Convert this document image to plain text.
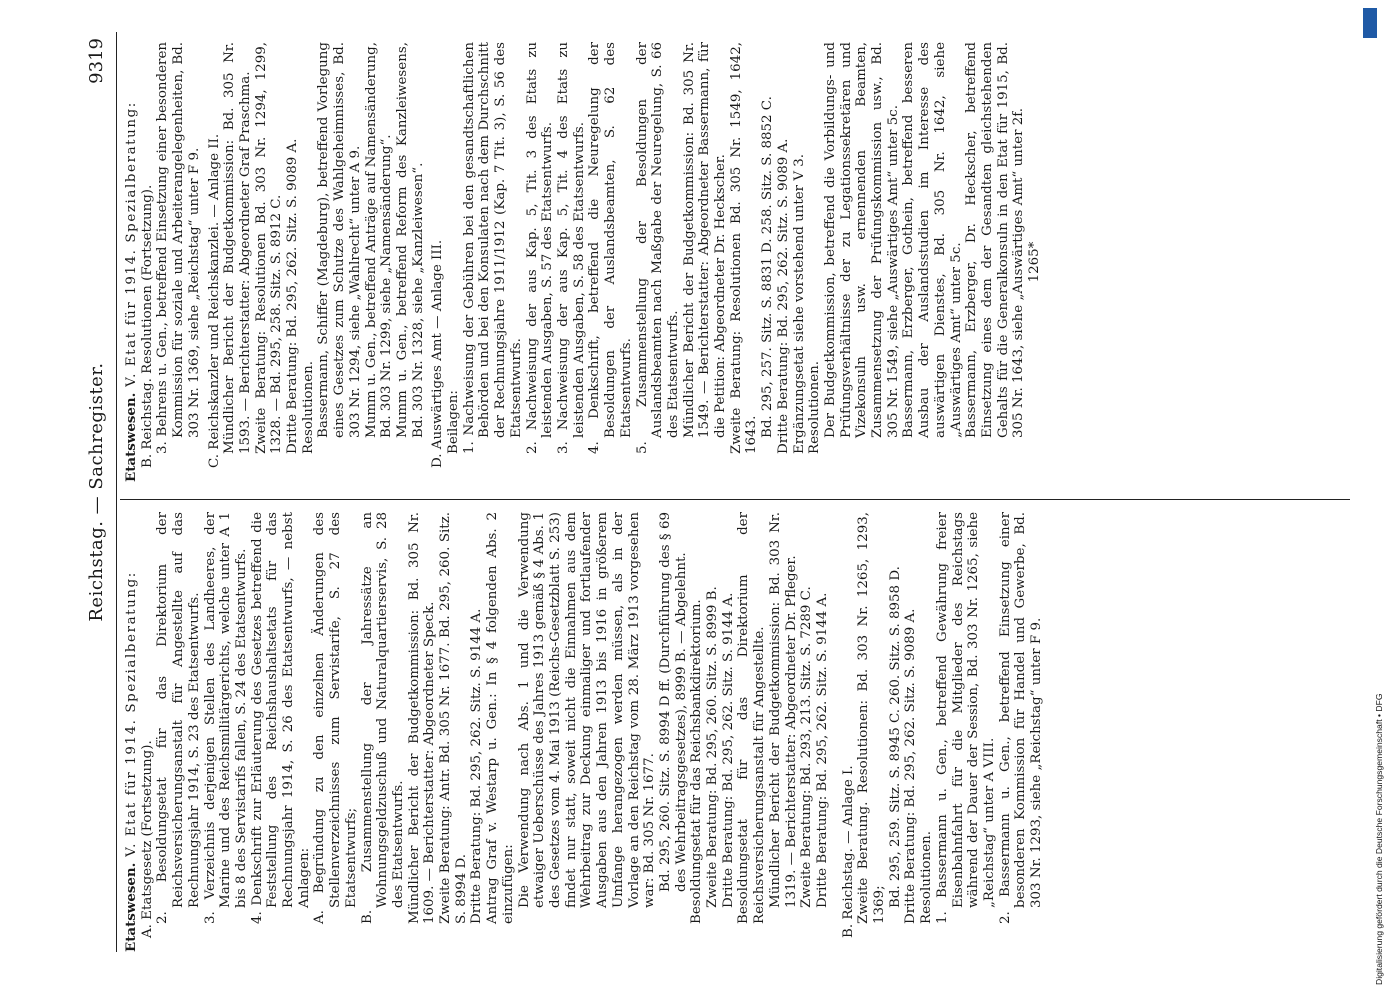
Reichstag. — Sachregister.
9319
Etatswesen. V. Etat für 1914. Spezialberatung: A. Etatsgesetz (Fortsetzung). 2. Besoldungsetat für das Direktorium der Reichsversicherungsanstalt für Angestellte auf das Rechnungsjahr 1914, S. 23 des Etatsentwurfs. 3. Verzeichnis derjenigen Stellen des Landheeres, der Marine und des Reichsmilitärgerichts, welche unter A 1 bis 8 des Servistarifs fallen, S. 24 des Etatsentwurfs. 4. Denkschrift zur Erläuterung des Gesetzes betreffend die Feststellung des Reichshaushaltsetats für das Rechnungsjahr 1914, S. 26 des Etatsentwurfs, — nebst Anlagen: A. Begründung zu den einzelnen Änderungen des Stellenverzeichnisses zum Servistarife, S. 27 des Etatsentwurfs; B. Zusammenstellung der Jahressätze an Wohnungsgeldzuschuß und Naturalquartierservis, S. 28 des Etatsentwurfs. Mündlicher Bericht der Budgetkommission: Bd. 305 Nr. 1609. — Berichterstatter: Abgeordneter Speck. Zweite Beratung: Antr. Bd. 305 Nr. 1677. Bd. 295, 260. Sitz. S. 8994 D. Dritte Beratung: Bd. 295, 262. Sitz. S. 9144 A. Antrag Graf v. Westarp u. Gen.: In § 4 folgenden Abs. 2 einzufügen: Die Verwendung nach Abs. 1 und die Verwendung etwaiger Ueberschüsse des Jahres 1913 gemäß § 4 Abs. 1 des Gesetzes vom 4. Mai 1913 (Reichs-Gesetzblatt S. 253) findet nur statt, soweit nicht die Einnahmen aus dem Wehrbeitrag zur Deckung einmaliger und fortlaufender Ausgaben aus den Jahren 1913 bis 1916 in größerem Umfange herangezogen werden müssen, als in der Vorlage an den Reichstag vom 28. März 1913 vorgesehen war: Bd. 305 Nr. 1677. Bd. 295, 260. Sitz. S. 8994 D ff. (Durchführung des § 69 des Wehrbeitragsgesetzes), 8999 B. — Abgelehnt. Besoldungsetat für das Reichsbankdirektorium. Zweite Beratung: Bd. 295, 260. Sitz. S. 8999 B. Dritte Beratung: Bd. 295, 262. Sitz. S. 9144 A. Besoldungsetat für das Direktorium der Reichsversicherungsanstalt für Angestellte. Mündlicher Bericht der Budgetkommission: Bd. 303 Nr. 1319. — Berichterstatter: Abgeordneter Dr. Pfleger. Zweite Beratung: Bd. 293, 213. Sitz. S. 7289 C. Dritte Beratung: Bd. 295, 262. Sitz. S. 9144 A. B. Reichstag. — Anlage I. Zweite Beratung. Resolutionen: Bd. 303 Nr. 1265, 1293, 1369; Bd. 295, 259. Sitz. S. 8945 C. 260. Sitz. S. 8958 D. Dritte Beratung: Bd. 295, 262. Sitz. S. 9089 A. Resolutionen. 1. Bassermann u. Gen., betreffend Gewährung freier Eisenbahnfahrt für die Mitglieder des Reichstags während der Dauer der Session, Bd. 303 Nr. 1265, siehe „Reichstag“ unter A VIII. 2. Bassermann u. Gen., betreffend Einsetzung einer besonderen Kommission für Handel und Gewerbe, Bd. 303 Nr. 1293, siehe „Reichstag“ unter F 9.
Etatswesen. V. Etat für 1914. Spezialberatung: B. Reichstag. Resolutionen (Fortsetzung). 3. Behrens u. Gen., betreffend Einsetzung einer besonderen Kommission für soziale und Arbeiterangelegenheiten, Bd. 303 Nr. 1369, siehe „Reichstag“ unter F 9. C. Reichskanzler und Reichskanzlei. — Anlage II. Mündlicher Bericht der Budgetkommission: Bd. 305 Nr. 1593. — Berichterstatter: Abgeordneter Graf Praschma. Zweite Beratung: Resolutionen Bd. 303 Nr. 1294, 1299, 1328. — Bd. 295, 258. Sitz. S. 8912 C. Dritte Beratung: Bd. 295, 262. Sitz. S. 9089 A. Resolutionen. Bassermann, Schiffer (Magdeburg), betreffend Vorlegung eines Gesetzes zum Schutze des Wahlgeheimnisses, Bd. 303 Nr. 1294, siehe „Wahlrecht“ unter A 9. Mumm u. Gen., betreffend Anträge auf Namensänderung, Bd. 303 Nr. 1299, siehe „Namensänderung“. Mumm u. Gen., betreffend Reform des Kanzleiwesens, Bd. 303 Nr. 1328, siehe „Kanzleiwesen“. D. Auswärtiges Amt — Anlage III. Beilagen: 1. Nachweisung der Gebühren bei den gesandtschaftlichen Behörden und bei den Konsulaten nach dem Durchschnitt der Rechnungsjahre 1911/1912 (Kap. 7 Tit. 3), S. 56 des Etatsentwurfs. 2. Nachweisung der aus Kap. 5, Tit. 3 des Etats zu leistenden Ausgaben, S. 57 des Etatsentwurfs. 3. Nachweisung der aus Kap. 5, Tit. 4 des Etats zu leistenden Ausgaben, S. 58 des Etatsentwurfs. 4. Denkschrift, betreffend die Neuregelung der Besoldungen der Auslandsbeamten, S. 62 des Etatsentwurfs. 5. Zusammenstellung der Besoldungen der Auslandsbeamten nach Maßgabe der Neuregelung, S. 66 des Etatsentwurfs. Mündlicher Bericht der Budgetkommission: Bd. 305 Nr. 1549. — Berichterstatter: Abgeordneter Bassermann, für die Petition: Abgeordneter Dr. Heckscher. Zweite Beratung: Resolutionen Bd. 305 Nr. 1549, 1642, 1643. Bd. 295, 257. Sitz. S. 8831 D. 258. Sitz. S. 8852 C. Dritte Beratung: Bd. 295, 262. Sitz. S. 9089 A. Ergänzungsetat siehe vorstehend unter V 3. Resolutionen. Der Budgetkommission, betreffend die Vorbildungs- und Prüfungsverhältnisse der zu Legationssekretären und Vizekonsuln usw. ernennenden Beamten, Zusammensetzung der Prüfungskommission usw., Bd. 305 Nr. 1549, siehe „Auswärtiges Amt“ unter 5c. Bassermann, Erzberger, Gothein, betreffend besseren Ausbau der Auslandsstudien im Interesse des auswärtigen Dienstes, Bd. 305 Nr. 1642, siehe „Auswärtiges Amt“ unter 5c. Bassermann, Erzberger, Dr. Heckscher, betreffend Einsetzung eines dem der Gesandten gleichstehenden Gehalts für die Generalkonsuln in den Etat für 1915, Bd. 305 Nr. 1643, siehe „Auswärtiges Amt“ unter 2f. 1265*
Digitalisierung gefördert durch die Deutsche Forschungsgemeinschaft • DFG
DFG
